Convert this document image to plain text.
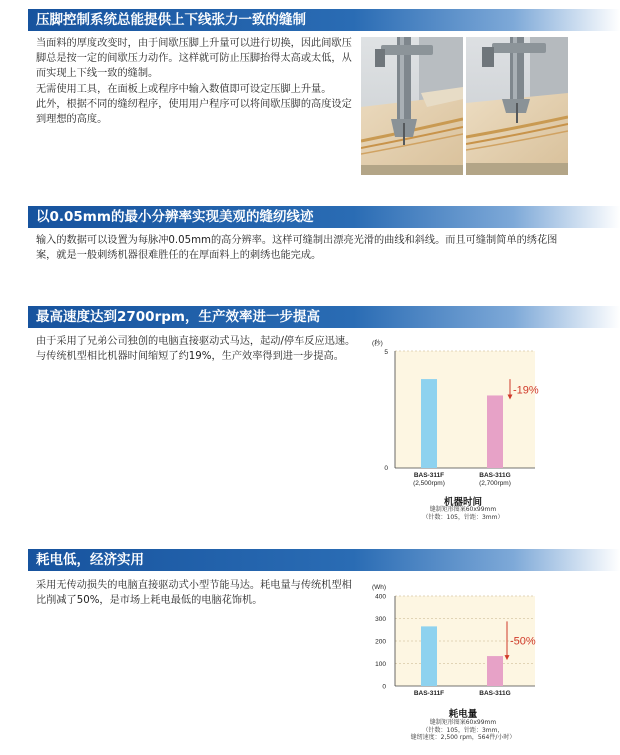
压脚控制系统总能提供上下线张力一致的缝制

当面料的厚度改变时，由于间歇压脚上升量可以进行切换，因此间歇压脚总是按一定的间歇压力动作。这样就可防止压脚抬得太高或太低，从而实现上下线一致的缝制。

无需使用工具，在面板上或程序中输入数值即可设定压脚上升量。

此外，根据不同的缝纫程序，使用用户程序可以将间歇压脚的高度设定到理想的高度。

以0.05mm的最小分辨率实现美观的缝纫线迹

输入的数据可以设置为每脉冲0.05mm的高分辨率。这样可缝制出漂亮光滑的曲线和斜线。而且可缝制简单的绣花图案，就是一般刺绣机器很难胜任的在厚面料上的刺绣也能完成。

最高速度达到2700rpm，生产效率进一步提高

由于采用了兄弟公司独创的电脑直接驱动式马达，起动/停车反应迅速。与传统机型相比机器时间缩短了约19%，生产效率得到进一步提高。

(秒)
5
0
-19%
BAS-311F	BAS-311G
(2,500rpm)	(2,700rpm)
机器时间
缝制矩形图案60x99mm
（针数：105，针距：3mm）
耗电低，经济实用

采用无传动损失的电脑直接驱动式小型节能马达。耗电量与传统机型相比削减了50%，是市场上耗电最低的电脑花饰机。

(Wh)
0
100
200
300
400
-50%
BAS-311F	BAS-311G
耗电量
缝制矩形图案60x99mm
（针数：105，针距：3mm，
缝纫速度：2,500 rpm，564件/小时）
